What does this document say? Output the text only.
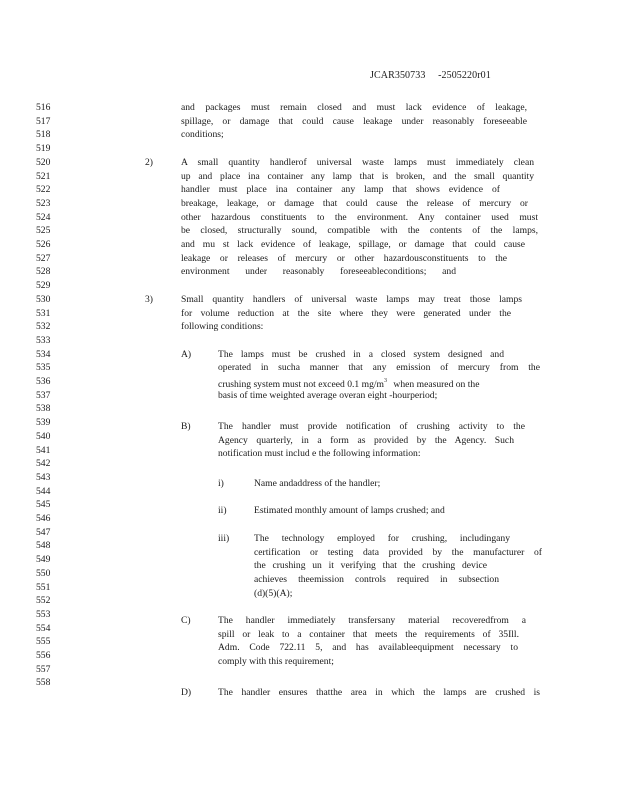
JCAR350733 -2505220r01
516
517
518
519
520
521
522
523
524
525
526
527
528
529
530
531
532
533
534
535
536
537
538
539
540
541
542
543
544
545
546
547
548
549
550
551
552
553
554
555
556
557
558
and packages must remain closed and must lack evidence of leakage,
spillage, or damage that could cause leakage under reasonably foreseeable
conditions;
2)	A small quantity handlerof universal waste lamps must immediately clean
up and place ina container any lamp that is broken, and the small quantity
handler must place ina container any lamp that shows evidence of
breakage, leakage, or damage that could cause the release of mercury or
other hazardous constituents to the environment. Any container used must
be closed, structurally sound, compatible with the contents of the lamps,
and mu st lack evidence of leakage, spillage, or damage that could cause
leakage or releases of mercury or other hazardousconstituents to the
environment under reasonably foreseeableconditions; and
3)	Small quantity handlers of universal waste lamps may treat those lamps
for volume reduction at the site where they were generated under the
following conditions:
A)	The lamps must be crushed in a closed system designed and
operated in sucha manner that any emission of mercury from the
crushing system must not exceed 0.1 $mg/m^3$ when measured on the
basis of time weighted average overan eight -hourperiod;
B)	The handler must provide notification of crushing activity to the
Agency quarterly, in a form as provided by the Agency. Such
notification must includ e the following information:
i)	Name andaddress of the handler;
ii)	Estimated monthly amount of lamps crushed; and
iii)	The technology employed for crushing, includingany
certification or testing data provided by the manufacturer of
the crushing un it verifying that the crushing device
achieves theemission controls required in subsection
(d)(5)(A);
C)	The handler immediately transfersany material recoveredfrom a
spill or leak to a container that meets the requirements of 35Ill.
Adm. Code 722.11 5, and has availableequipment necessary to
comply with this requirement;
D)	The handler ensures thatthe area in which the lamps are crushed is
